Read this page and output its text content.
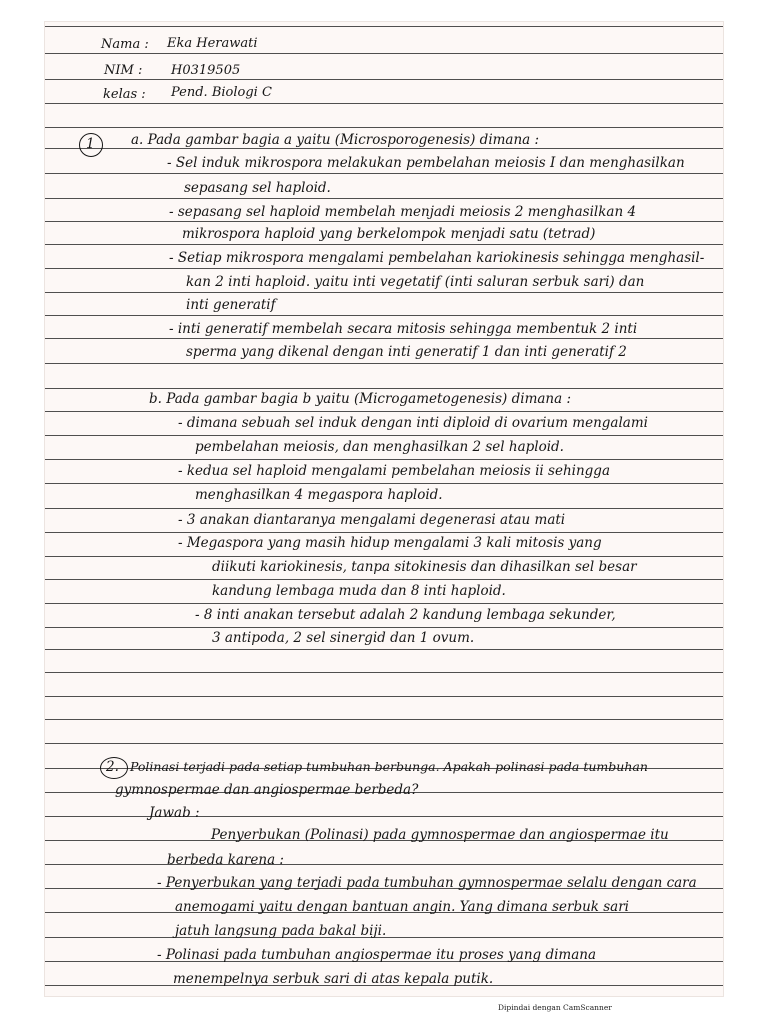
Nama : Eka Herawati
NIM : H0319505
kelas : Pend. Biologi C
1	a. Pada gambar bagia a yaitu (Microsporogenesis) dimana :
- Sel induk mikrospora melakukan pembelahan meiosis I dan menghasilkan
sepasang sel haploid.
- sepasang sel haploid membelah menjadi meiosis 2 menghasilkan 4
mikrospora haploid yang berkelompok menjadi satu (tetrad)
- Setiap mikrospora mengalami pembelahan kariokinesis sehingga menghasil-
kan 2 inti haploid. yaitu inti vegetatif (inti saluran serbuk sari) dan
inti generatif
- inti generatif membelah secara mitosis sehingga membentuk 2 inti
sperma yang dikenal dengan inti generatif 1 dan inti generatif 2
b. Pada gambar bagia b yaitu (Microgametogenesis) dimana :
- dimana sebuah sel induk dengan inti diploid di ovarium mengalami
pembelahan meiosis, dan menghasilkan 2 sel haploid.
- kedua sel haploid mengalami pembelahan meiosis ii sehingga
menghasilkan 4 megaspora haploid.
- 3 anakan diantaranya mengalami degenerasi atau mati
- Megaspora yang masih hidup mengalami 3 kali mitosis yang
diikuti kariokinesis, tanpa sitokinesis dan dihasilkan sel besar
kandung lembaga muda dan 8 inti haploid.
- 8 inti anakan tersebut adalah 2 kandung lembaga sekunder,
3 antipoda, 2 sel sinergid dan 1 ovum.
2. Polinasi terjadi pada setiap tumbuhan berbunga. Apakah polinasi pada tumbuhan
gymnospermae dan angiospermae berbeda?
Jawab :
Penyerbukan (Polinasi) pada gymnospermae dan angiospermae itu
berbeda karena :
- Penyerbukan yang terjadi pada tumbuhan gymnospermae selalu dengan cara
anemogami yaitu dengan bantuan angin. Yang dimana serbuk sari
jatuh langsung pada bakal biji.
- Polinasi pada tumbuhan angiospermae itu proses yang dimana
menempelnya serbuk sari di atas kepala putik.
Dipindai dengan CamScanner
